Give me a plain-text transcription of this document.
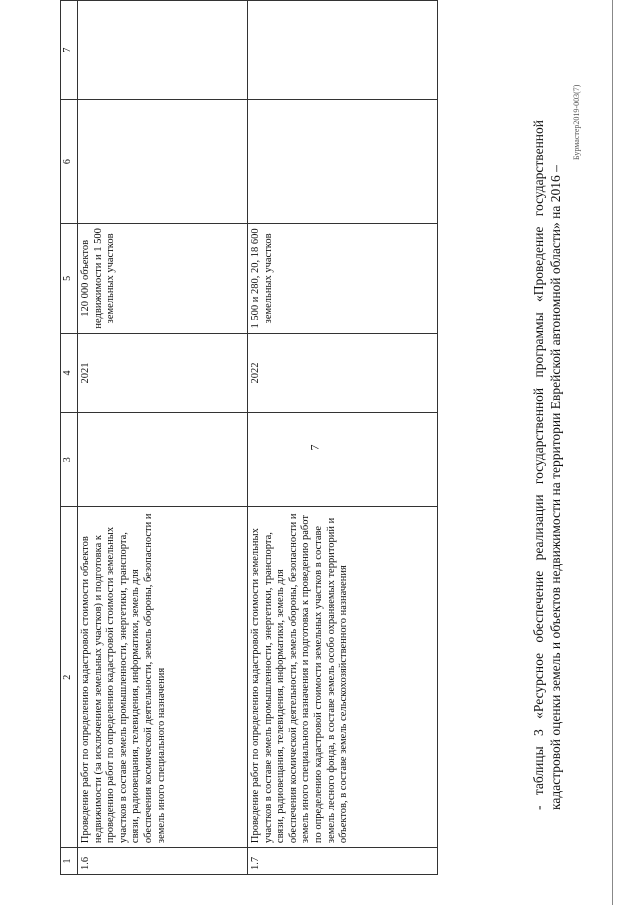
7
1	2	3	4	5	6	7
1.6	Проведение работ по определению кадастровой стоимости объектов недвижимости (за исключением земельных участков) и подготовка к проведению работ по определению кадастровой стоимости земельных участков в составе земель промышленности, энергетики, транспорта, связи, радиовещания, телевидения, информатики, земель для обеспечения космической деятельности, земель обороны, безопасности и земель иного специального назначения		2021	120 000 объектов недвижимости и 1 500 земельных участков		
1.7	Проведение работ по определению кадастровой стоимости земельных участков в составе земель промышленности, энергетики, транспорта, связи, радиовещания, телевидения, информатики, земель для обеспечения космической деятельности, земель обороны, безопасности и земель иного специального назначения и подготовка к проведению работ по определению кадастровой стоимости земельных участков в составе земель лесного фонда, в составе земель особо охраняемых территорий и объектов, в составе земель сельскохозяйственного назначения		2022	1 500 и 280, 20, 18 600 земельных участков			- таблицы 3 «Ресурсное обеспечение реализации государственной программы «Проведение государственной кадастровой оценки земель и объектов недвижимости на территории Еврейской автономной области» на 2016 –
Бурмастер2019-003(7)
